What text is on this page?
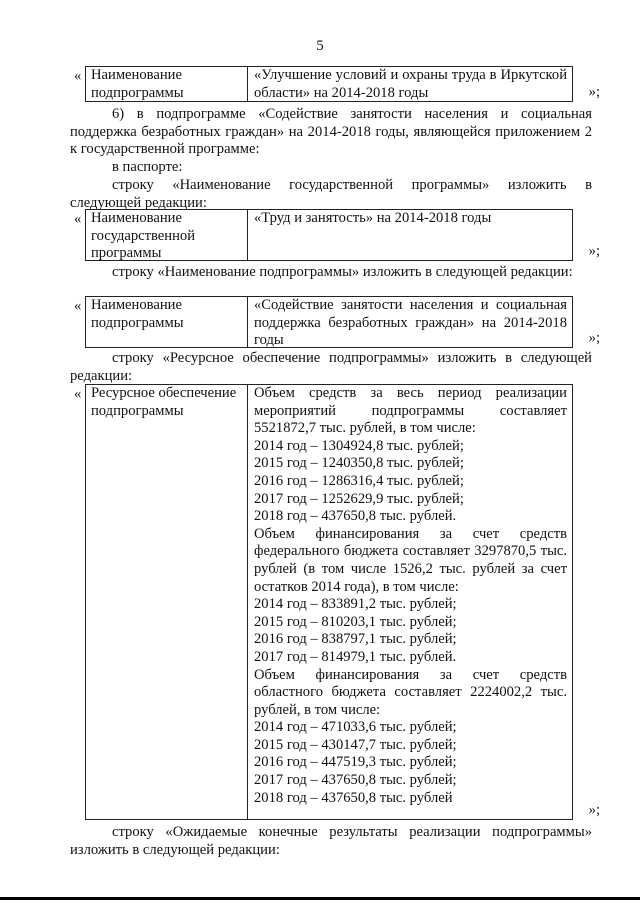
5
« Наименование подпрограммы
«Улучшение условий и охраны труда в Иркутской области» на 2014-2018 годы	»;
6) в подпрограмме «Содействие занятости населения и социальная поддержка безработных граждан» на 2014-2018 годы, являющейся приложением 2 к государственной программе:
в паспорте:
строку «Наименование государственной программы» изложить в следующей редакции:
« Наименование государственной программы
«Труд и занятость» на 2014-2018 годы
»;
строку «Наименование подпрограммы» изложить в следующей редакции:
« Наименование подпрограммы
«Содействие занятости населения и социальная поддержка безработных граждан» на 2014-2018 годы	»;
строку «Ресурсное обеспечение подпрограммы» изложить в следующей редакции:
« Ресурсное обеспечение подпрограммы
Объем средств за весь период реализации мероприятий подпрограммы составляет 5521872,7 тыс. рублей, в том числе:
2014 год – 1304924,8 тыс. рублей;
2015 год – 1240350,8 тыс. рублей;
2016 год – 1286316,4 тыс. рублей;
2017 год – 1252629,9 тыс. рублей;
2018 год – 437650,8 тыс. рублей.
Объем финансирования за счет средств федерального бюджета составляет 3297870,5 тыс. рублей (в том числе 1526,2 тыс. рублей за счет остатков 2014 года), в том числе:
2014 год – 833891,2 тыс. рублей;
2015 год – 810203,1 тыс. рублей;
2016 год – 838797,1 тыс. рублей;
2017 год – 814979,1 тыс. рублей.
Объем финансирования за счет средств областного бюджета составляет 2224002,2 тыс. рублей, в том числе:
2014 год – 471033,6 тыс. рублей;
2015 год – 430147,7 тыс. рублей;
2016 год – 447519,3 тыс. рублей;
2017 год – 437650,8 тыс. рублей;
2018 год – 437650,8 тыс. рублей
»;
строку «Ожидаемые конечные результаты реализации подпрограммы» изложить в следующей редакции:
